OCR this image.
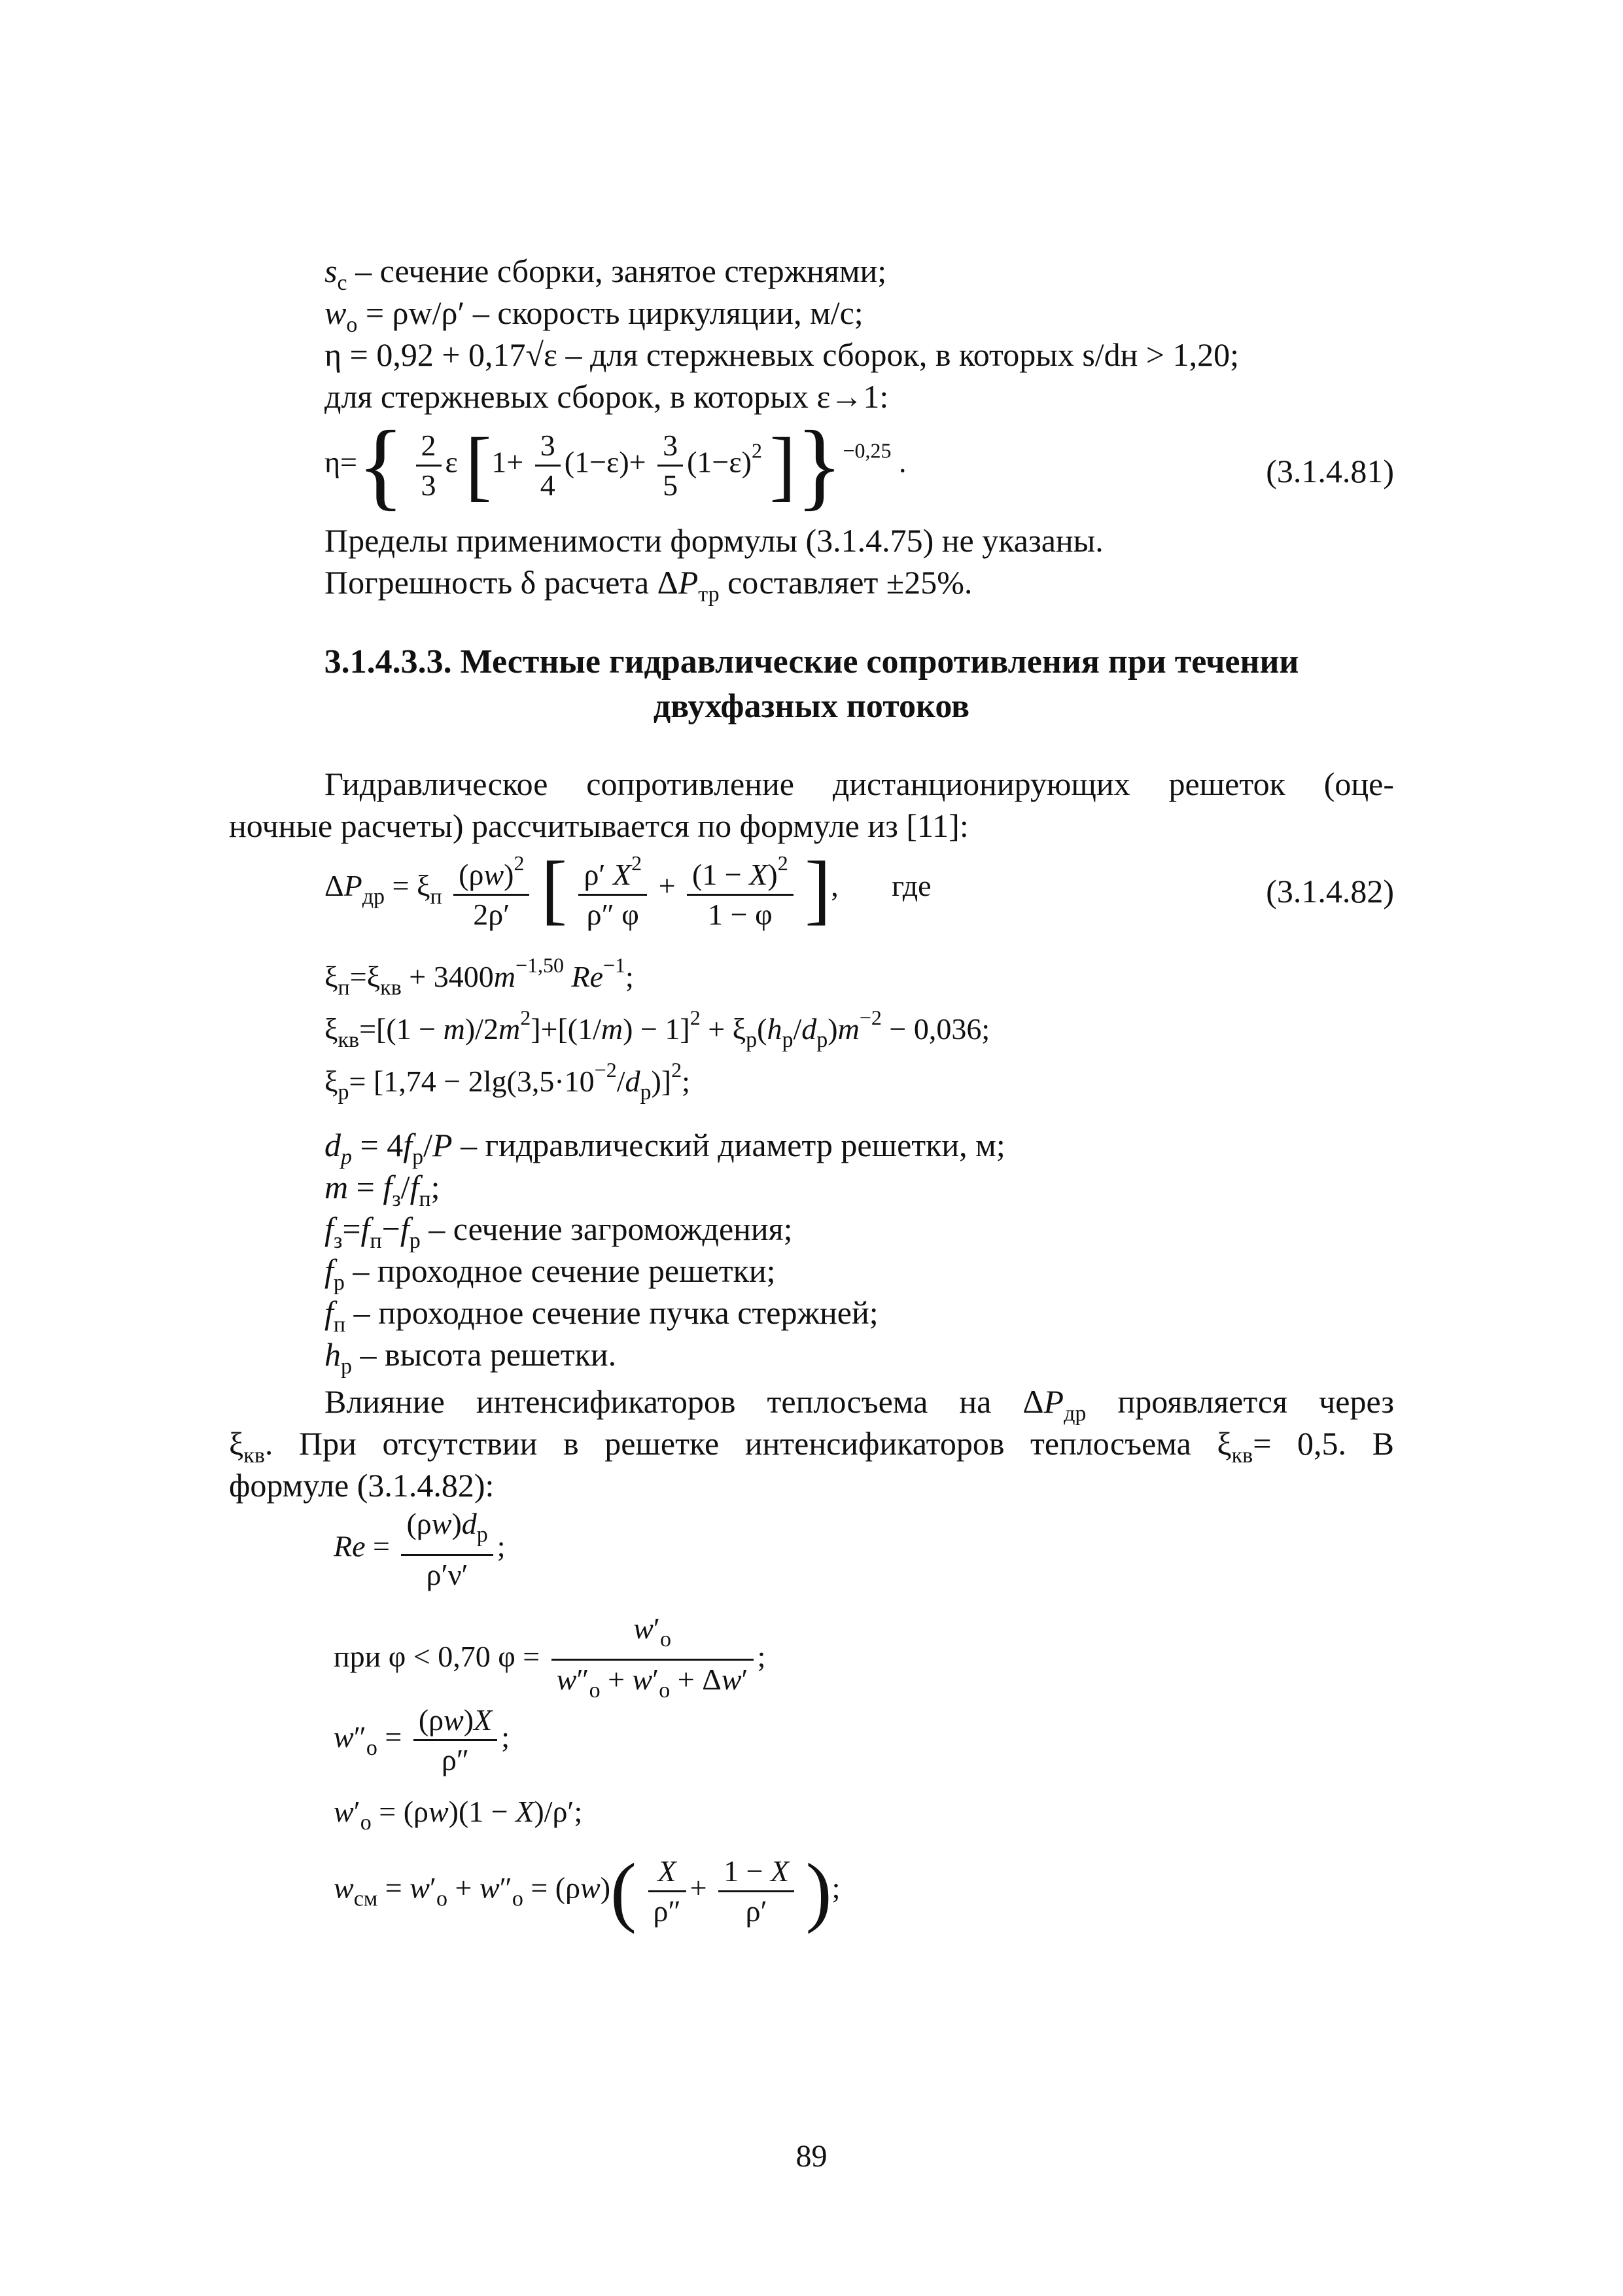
$s_c$ – сечение сборки, занятое стержнями;
$w_o = \rho w/\rho'$ – скорость циркуляции, м/с;
η = 0,92 + 0,17√ε – для стержневых сборок, в которых s/dн > 1,20;
для стержневых сборок, в которых ε→1:
$\eta=\{ \frac{2}{3}$ ε [$1+ \frac{3}{4} (1-\varepsilon)+ \frac{3}{5} (1-\varepsilon)^2$ ]}$^{-0,25}$ .	(3.1.4.81)
Пределы применимости формулы (3.1.4.75) не указаны.
Погрешность δ расчета $\Delta P_{тр}$ составляет ±25%.
3.1.4.3.3. Местные гидравлические сопротивления при течении
двухфазных потоков
Гидравлическое сопротивление дистанционирующих решеток (оце-
ночные расчеты) рассчитывается по формуле из [11]:
$\Delta P_{др} = \xi_п \frac{(\rho w)^2}{2\rho'}$ [ $\frac{\rho' X^2}{\rho'' \varphi} + \frac{(1 - X)^2}{1 - \varphi}$ ], где	(3.1.4.82)
$\xi_п=\xi_{кв} + 3400m^{-1,50}$ $Re^{-1}$;
$\xi_{кв}=[(1 - m)/2m^2]+[(1/m) - 1]^2 + \xi_р(h_р/d_р)m^{-2} - 0,036$;
$\xi_р= [1,74 - 2\lg(3,5\cdot 10^{-2}/d_р)]^2$;
$d_p = 4f_р/P$ – гидравлический диаметр решетки, м;
$m = f_з/f_п$;
$f_з=f_п-f_р$ – сечение загромождения;
$f_р$ – проходное сечение решетки;
$f_п$ – проходное сечение пучка стержней;
$h_р$ – высота решетки.
Влияние интенсификаторов теплосъема на $\Delta P_{др}$ проявляется через
$\xi_{кв}$. При отсутствии в решетке интенсификаторов теплосъема $\xi_{кв}= 0,5$. В
формуле (3.1.4.82):
$Re = \frac{(\rho w)d_р}{\rho'\nu'}$ ;
при φ < 0,70 $\varphi = \frac{w'_о}{w''_о + w'_о + \Delta w'}$ ;
$w''_о = \frac{(\rho w)X}{\rho''}$ ;
$w'_о = (\rho w)(1 - X)/\rho'$;
$w_{см} = w'_о + w''_о = (\rho w)( \frac{X}{\rho''} + \frac{1 - X}{\rho'}$ );
89
